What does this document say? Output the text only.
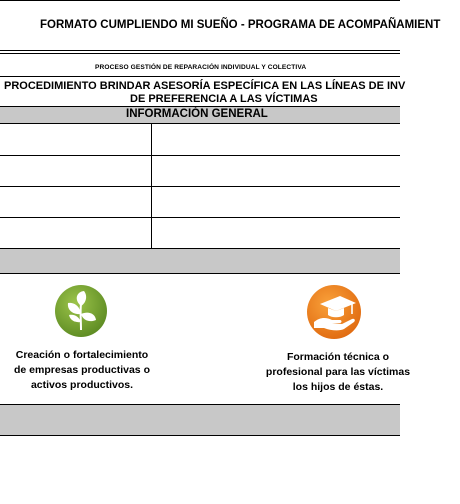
FORMATO CUMPLIENDO MI SUEÑO - PROGRAMA DE ACOMPAÑAMIENT
PROCESO GESTIÓN DE REPARACIÓN INDIVIDUAL Y COLECTIVA
PROCEDIMIENTO BRINDAR ASESORÍA ESPECÍFICA EN LAS LÍNEAS DE INV
DE PREFERENCIA A LAS VÍCTIMAS
INFORMACIÓN GENERAL
Creación o fortalecimiento
de empresas productivas o
activos productivos.
Formación técnica o
profesional para las víctimas
los hijos de éstas.
